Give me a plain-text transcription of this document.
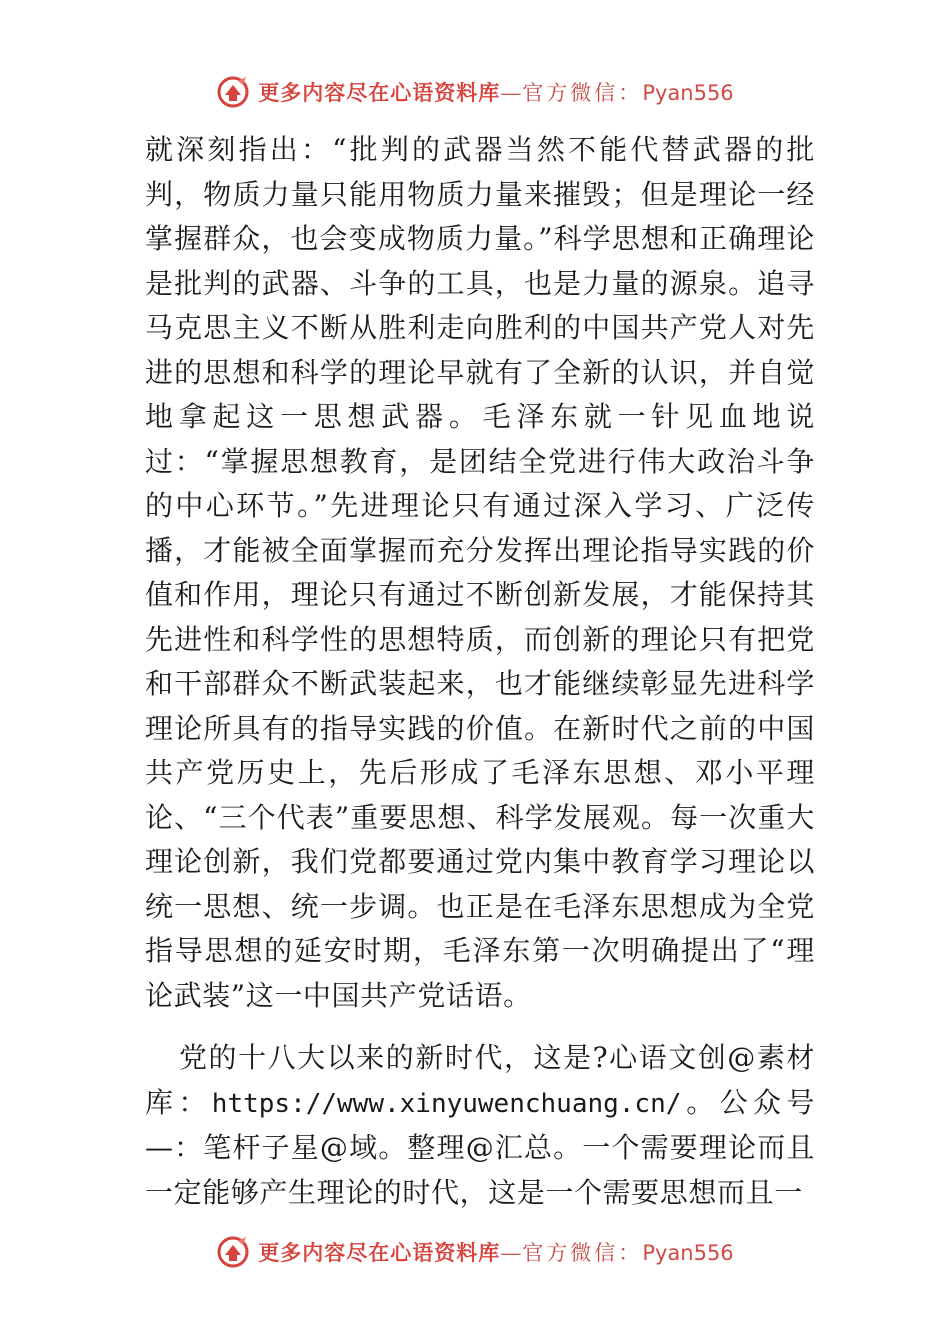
更多内容尽在心语资料库—官方微信：Pyan556

就深刻指出：“批判的武器当然不能代替武器的批判，物质力量只能用物质力量来摧毁；但是理论一经掌握群众，也会变成物质力量。”科学思想和正确理论是批判的武器、斗争的工具，也是力量的源泉。追寻马克思主义不断从胜利走向胜利的中国共产党人对先进的思想和科学的理论早就有了全新的认识，并自觉地拿起这一思想武器。毛泽东就一针见血地说过：“掌握思想教育，是团结全党进行伟大政治斗争的中心环节。”先进理论只有通过深入学习、广泛传播，才能被全面掌握而充分发挥出理论指导实践的价值和作用，理论只有通过不断创新发展，才能保持其先进性和科学性的思想特质，而创新的理论只有把党和干部群众不断武装起来，也才能继续彰显先进科学理论所具有的指导实践的价值。在新时代之前的中国共产党历史上，先后形成了毛泽东思想、邓小平理论、“三个代表”重要思想、科学发展观。每一次重大理论创新，我们党都要通过党内集中教育学习理论以统一思想、统一步调。也正是在毛泽东思想成为全党指导思想的延安时期，毛泽东第一次明确提出了“理论武装”这一中国共产党话语。

党的十八大以来的新时代，这是?心语文创@素材库：https://www.xinyuwenchuang.cn/。公众号—：笔杆子星@域。整理@汇总。一个需要理论而且一定能够产生理论的时代，这是一个需要思想而且一

更多内容尽在心语资料库—官方微信：Pyan556
